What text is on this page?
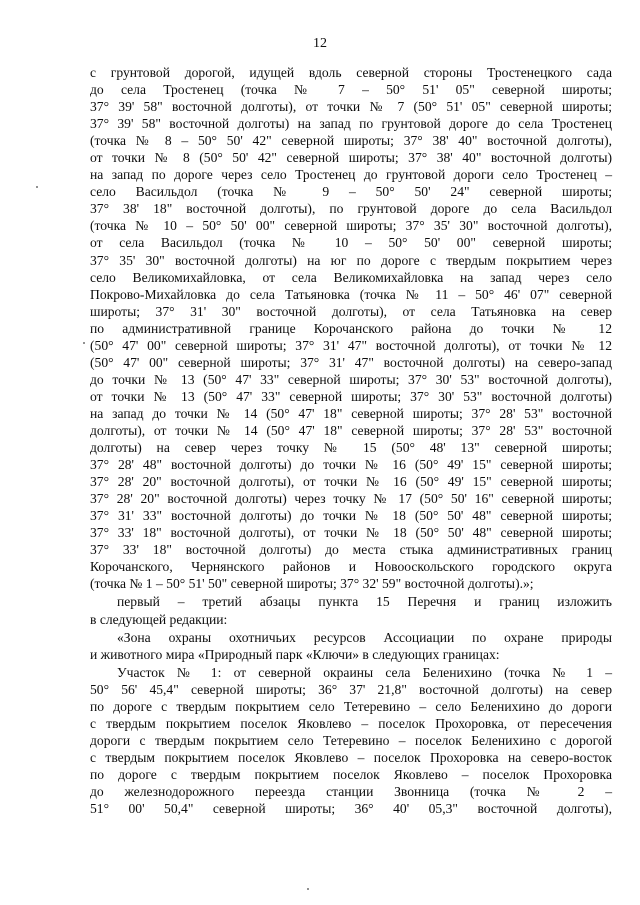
12

с грунтовой дорогой, идущей вдоль северной стороны Тростенецкого сада

до села Тростенец (точка № 7 – 50° 51' 05" северной широты;

37° 39' 58" восточной долготы), от точки № 7 (50° 51' 05" северной широты;

37° 39' 58" восточной долготы) на запад по грунтовой дороге до села Тростенец

(точка № 8 – 50° 50' 42" северной широты; 37° 38' 40" восточной долготы),

от точки № 8 (50° 50' 42" северной широты; 37° 38' 40" восточной долготы)

на запад по дороге через село Тростенец до грунтовой дороги село Тростенец –

село Васильдол (точка № 9 – 50° 50' 24" северной широты;

37° 38' 18" восточной долготы), по грунтовой дороге до села Васильдол

(точка № 10 – 50° 50' 00" северной широты; 37° 35' 30" восточной долготы),

от села Васильдол (точка № 10 – 50° 50' 00" северной широты;

37° 35' 30" восточной долготы) на юг по дороге с твердым покрытием через

село Великомихайловка, от села Великомихайловка на запад через село

Покрово-Михайловка до села Татьяновка (точка № 11 – 50° 46' 07" северной

широты; 37° 31' 30" восточной долготы), от села Татьяновка на север

по административной границе Корочанского района до точки № 12

(50° 47' 00" северной широты; 37° 31' 47" восточной долготы), от точки № 12

(50° 47' 00" северной широты; 37° 31' 47" восточной долготы) на северо-запад

до точки № 13 (50° 47' 33" северной широты; 37° 30' 53" восточной долготы),

от точки № 13 (50° 47' 33" северной широты; 37° 30' 53" восточной долготы)

на запад до точки № 14 (50° 47' 18" северной широты; 37° 28' 53" восточной

долготы), от точки № 14 (50° 47' 18" северной широты; 37° 28' 53" восточной

долготы) на север через точку № 15 (50° 48' 13" северной широты;

37° 28' 48" восточной долготы) до точки № 16 (50° 49' 15" северной широты;

37° 28' 20" восточной долготы), от точки № 16 (50° 49' 15" северной широты;

37° 28' 20" восточной долготы) через точку № 17 (50° 50' 16" северной широты;

37° 31' 33" восточной долготы) до точки № 18 (50° 50' 48" северной широты;

37° 33' 18" восточной долготы), от точки № 18 (50° 50' 48" северной широты;

37° 33' 18" восточной долготы) до места стыка административных границ

Корочанского, Чернянского районов и Новооскольского городского округа

(точка № 1 – 50° 51' 50" северной широты; 37° 32' 59" восточной долготы).»;

первый – третий абзацы пункта 15 Перечня и границ изложить

в следующей редакции:

«Зона охраны охотничьих ресурсов Ассоциации по охране природы

и животного мира «Природный парк «Ключи» в следующих границах:

Участок № 1: от северной окраины села Беленихино (точка № 1 –

50° 56' 45,4" северной широты; 36° 37' 21,8" восточной долготы) на север

по дороге с твердым покрытием село Тетеревино – село Беленихино до дороги

с твердым покрытием поселок Яковлево – поселок Прохоровка, от пересечения

дороги с твердым покрытием село Тетеревино – поселок Беленихино с дорогой

с твердым покрытием поселок Яковлево – поселок Прохоровка на северо-восток

по дороге с твердым покрытием поселок Яковлево – поселок Прохоровка

до железнодорожного переезда станции Звонница (точка № 2 –

51° 00' 50,4" северной широты; 36° 40' 05,3" восточной долготы),
